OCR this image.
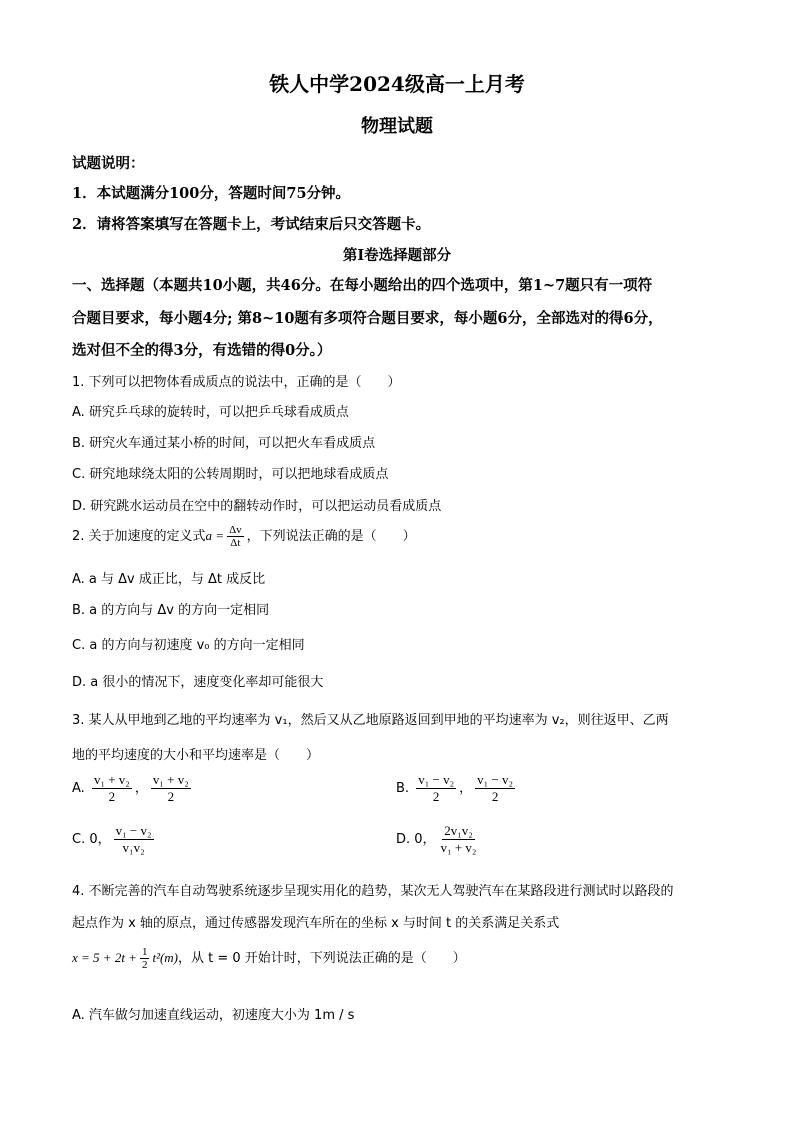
铁人中学2024级高一上月考
物理试题
试题说明：
1．本试题满分100分，答题时间75分钟。
2．请将答案填写在答题卡上，考试结束后只交答题卡。
第Ⅰ卷选择题部分
一、选择题（本题共10小题，共46分。在每小题给出的四个选项中，第1~7题只有一项符
合题目要求，每小题4分; 第8~10题有多项符合题目要求，每小题6分，全部选对的得6分，
选对但不全的得3分，有选错的得0分。）
1. 下列可以把物体看成质点的说法中，正确的是（　　）
A. 研究乒乓球的旋转时，可以把乒乓球看成质点
B. 研究火车通过某小桥的时间，可以把火车看成质点
C. 研究地球绕太阳的公转周期时，可以把地球看成质点
D. 研究跳水运动员在空中的翻转动作时，可以把运动员看成质点
2. 关于加速度的定义式$a = \frac{\Delta v}{\Delta t}$ ，下列说法正确的是（　　）
A. a 与 Δv 成正比，与 Δt 成反比
B. a 的方向与 Δv 的方向一定相同
C. a 的方向与初速度 v₀ 的方向一定相同
D. a 很小的情况下，速度变化率却可能很大
3. 某人从甲地到乙地的平均速率为 v₁，然后又从乙地原路返回到甲地的平均速率为 v₂，则往返甲、乙两
地的平均速度的大小和平均速率是（　　）
A. $\frac{\text{v₁ + v₂}}{2}$ ， $\frac{\text{v₁ + v₂}}{2}$	B. $\frac{\text{v₁ − v₂}}{2}$ ， $\frac{\text{v₁ − v₂}}{2}$
C. 0， $\frac{\text{v₁ − v₂}}{\text{v₁v₂}}$	D. 0， $\frac{\text{2v₁v₂}}{\text{v₁ + v₂}}$
4. 不断完善的汽车自动驾驶系统逐步呈现实用化的趋势，某次无人驾驶汽车在某路段进行测试时以路段的
起点作为 x 轴的原点，通过传感器发现汽车所在的坐标 x 与时间 t 的关系满足关系式
$x = 5 + 2t + \frac{1}{2} t^2(m)$，从 t = 0 开始计时，下列说法正确的是（　　）
A. 汽车做匀加速直线运动，初速度大小为 1m / s
